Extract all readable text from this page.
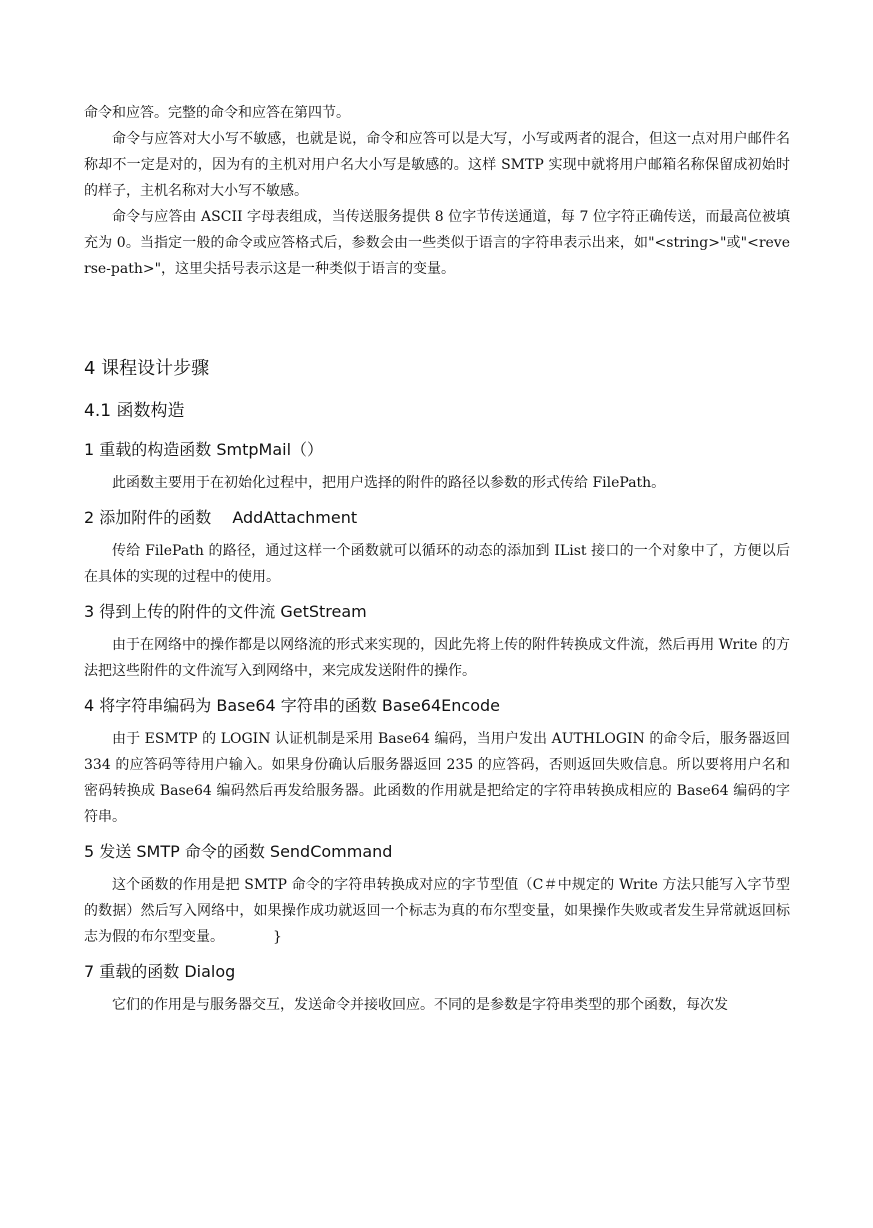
命令和应答。完整的命令和应答在第四节。

命令与应答对大小写不敏感，也就是说，命令和应答可以是大写，小写或两者的混合，但这一点对用户邮件名称却不一定是对的，因为有的主机对用户名大小写是敏感的。这样 SMTP 实现中就将用户邮箱名称保留成初始时的样子，主机名称对大小写不敏感。

命令与应答由 ASCII 字母表组成，当传送服务提供 8 位字节传送通道，每 7 位字符正确传送，而最高位被填充为 0。当指定一般的命令或应答格式后，参数会由一些类似于语言的字符串表示出来，如"<string>"或"<reverse-path>"，这里尖括号表示这是一种类似于语言的变量。

4 课程设计步骤
4.1 函数构造
1 重载的构造函数 SmtpMail（）

此函数主要用于在初始化过程中，把用户选择的附件的路径以参数的形式传给 FilePath。

2 添加附件的函数　 AddAttachment

传给 FilePath 的路径，通过这样一个函数就可以循环的动态的添加到 IList 接口的一个对象中了，方便以后在具体的实现的过程中的使用。

3 得到上传的附件的文件流 GetStream

由于在网络中的操作都是以网络流的形式来实现的，因此先将上传的附件转换成文件流，然后再用 Write 的方法把这些附件的文件流写入到网络中，来完成发送附件的操作。

4 将字符串编码为 Base64 字符串的函数 Base64Encode

由于 ESMTP 的 LOGIN 认证机制是采用 Base64 编码，当用户发出 AUTHLOGIN 的命令后，服务器返回 334 的应答码等待用户输入。如果身份确认后服务器返回 235 的应答码，否则返回失败信息。所以要将用户名和密码转换成 Base64 编码然后再发给服务器。此函数的作用就是把给定的字符串转换成相应的 Base64 编码的字符串。

5 发送 SMTP 命令的函数 SendCommand

这个函数的作用是把 SMTP 命令的字符串转换成对应的字节型值（C＃中规定的 Write 方法只能写入字节型的数据）然后写入网络中，如果操作成功就返回一个标志为真的布尔型变量，如果操作失败或者发生异常就返回标志为假的布尔型变量。　　　　}

7 重载的函数 Dialog

它们的作用是与服务器交互，发送命令并接收回应。不同的是参数是字符串类型的那个函数，每次发
